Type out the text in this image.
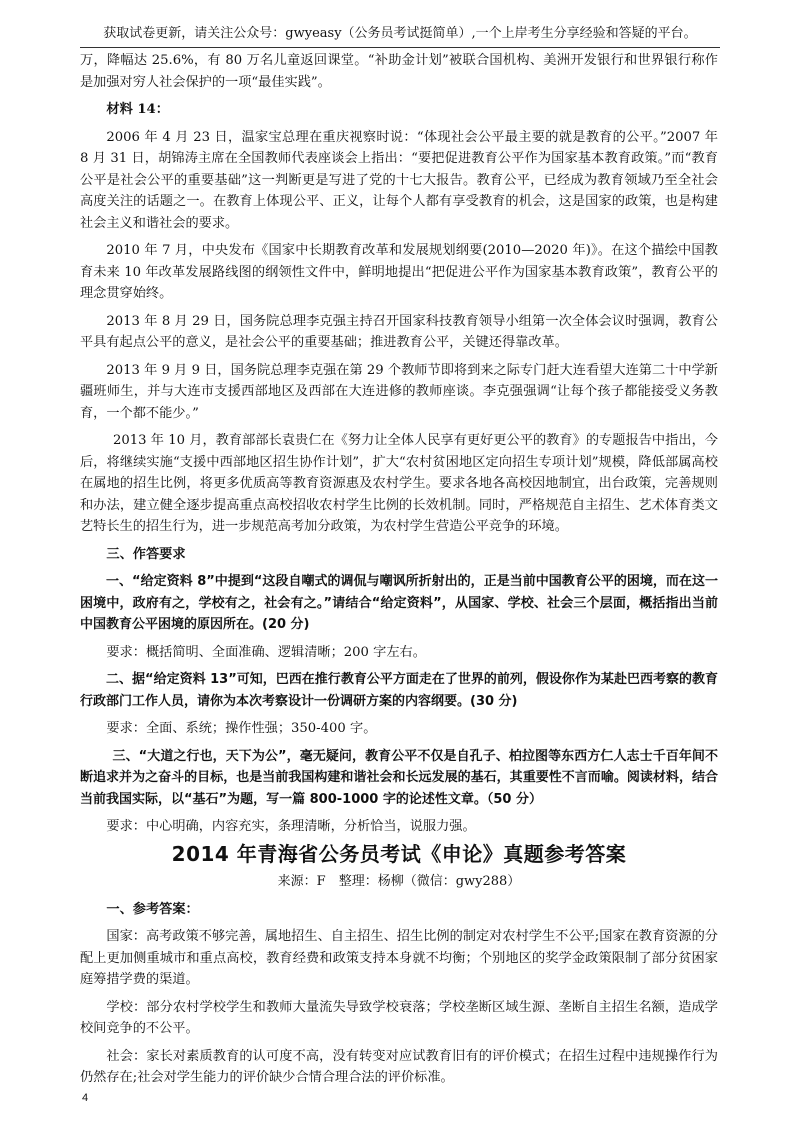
获取试卷更新，请关注公众号：gwyeasy（公务员考试挺简单）,一个上岸考生分享经验和答疑的平台。

万，降幅达 25.6%，有 80 万名儿童返回课堂。“补助金计划”被联合国机构、美洲开发银行和世界银行称作是加强对穷人社会保护的一项“最佳实践”。

材料 14：

2006 年 4 月 23 日，温家宝总理在重庆视察时说：“体现社会公平最主要的就是教育的公平。”2007 年 8 月 31 日，胡锦涛主席在全国教师代表座谈会上指出：“要把促进教育公平作为国家基本教育政策。”而“教育公平是社会公平的重要基础”这一判断更是写进了党的十七大报告。教育公平，已经成为教育领域乃至全社会高度关注的话题之一。在教育上体现公平、正义，让每个人都有享受教育的机会，这是国家的政策，也是构建社会主义和谐社会的要求。

2010 年 7 月，中央发布《国家中长期教育改革和发展规划纲要(2010—2020 年)》。在这个描绘中国教育未来 10 年改革发展路线图的纲领性文件中，鲜明地提出“把促进公平作为国家基本教育政策”，教育公平的理念贯穿始终。

2013 年 8 月 29 日，国务院总理李克强主持召开国家科技教育领导小组第一次全体会议时强调，教育公平具有起点公平的意义，是社会公平的重要基础；推进教育公平，关键还得靠改革。

2013 年 9 月 9 日，国务院总理李克强在第 29 个教师节即将到来之际专门赶大连看望大连第二十中学新疆班师生，并与大连市支援西部地区及西部在大连进修的教师座谈。李克强强调“让每个孩子都能接受义务教育，一个都不能少。”

2013 年 10 月，教育部部长袁贵仁在《努力让全体人民享有更好更公平的教育》的专题报告中指出，今后，将继续实施“支援中西部地区招生协作计划”，扩大“农村贫困地区定向招生专项计划”规模，降低部属高校在属地的招生比例，将更多优质高等教育资源惠及农村学生。要求各地各高校因地制宜，出台政策，完善规则和办法，建立健全逐步提高重点高校招收农村学生比例的长效机制。同时，严格规范自主招生、艺术体育类文艺特长生的招生行为，进一步规范高考加分政策，为农村学生营造公平竞争的环境。

三、作答要求

一、“给定资料 8”中提到“这段自嘲式的调侃与嘲讽所折射出的，正是当前中国教育公平的困境，而在这一困境中，政府有之，学校有之，社会有之。”请结合“给定资料”，从国家、学校、社会三个层面，概括指出当前中国教育公平困境的原因所在。(20 分)

要求：概括简明、全面准确、逻辑清晰；200 字左右。

二、据“给定资料 13”可知，巴西在推行教育公平方面走在了世界的前列，假设你作为某赴巴西考察的教育行政部门工作人员，请你为本次考察设计一份调研方案的内容纲要。(30 分)

要求：全面、系统；操作性强；350-400 字。

三、“大道之行也，天下为公”，毫无疑问，教育公平不仅是自孔子、柏拉图等东西方仁人志士千百年间不断追求并为之奋斗的目标，也是当前我国构建和谐社会和长远发展的基石，其重要性不言而喻。阅读材料，结合当前我国实际，以“基石”为题，写一篇 800-1000 字的论述性文章。（50 分）

要求：中心明确，内容充实，条理清晰，分析恰当，说服力强。

2014 年青海省公务员考试《申论》真题参考答案
来源：F　整理：杨柳（微信：gwy288）

一、参考答案：

国家：高考政策不够完善，属地招生、自主招生、招生比例的制定对农村学生不公平;国家在教育资源的分配上更加侧重城市和重点高校，教育经费和政策支持本身就不均衡；个别地区的奖学金政策限制了部分贫困家庭筹措学费的渠道。

学校：部分农村学校学生和教师大量流失导致学校衰落；学校垄断区域生源、垄断自主招生名额，造成学校间竞争的不公平。

社会：家长对素质教育的认可度不高，没有转变对应试教育旧有的评价模式；在招生过程中违规操作行为仍然存在;社会对学生能力的评价缺少合情合理合法的评价标准。

4
